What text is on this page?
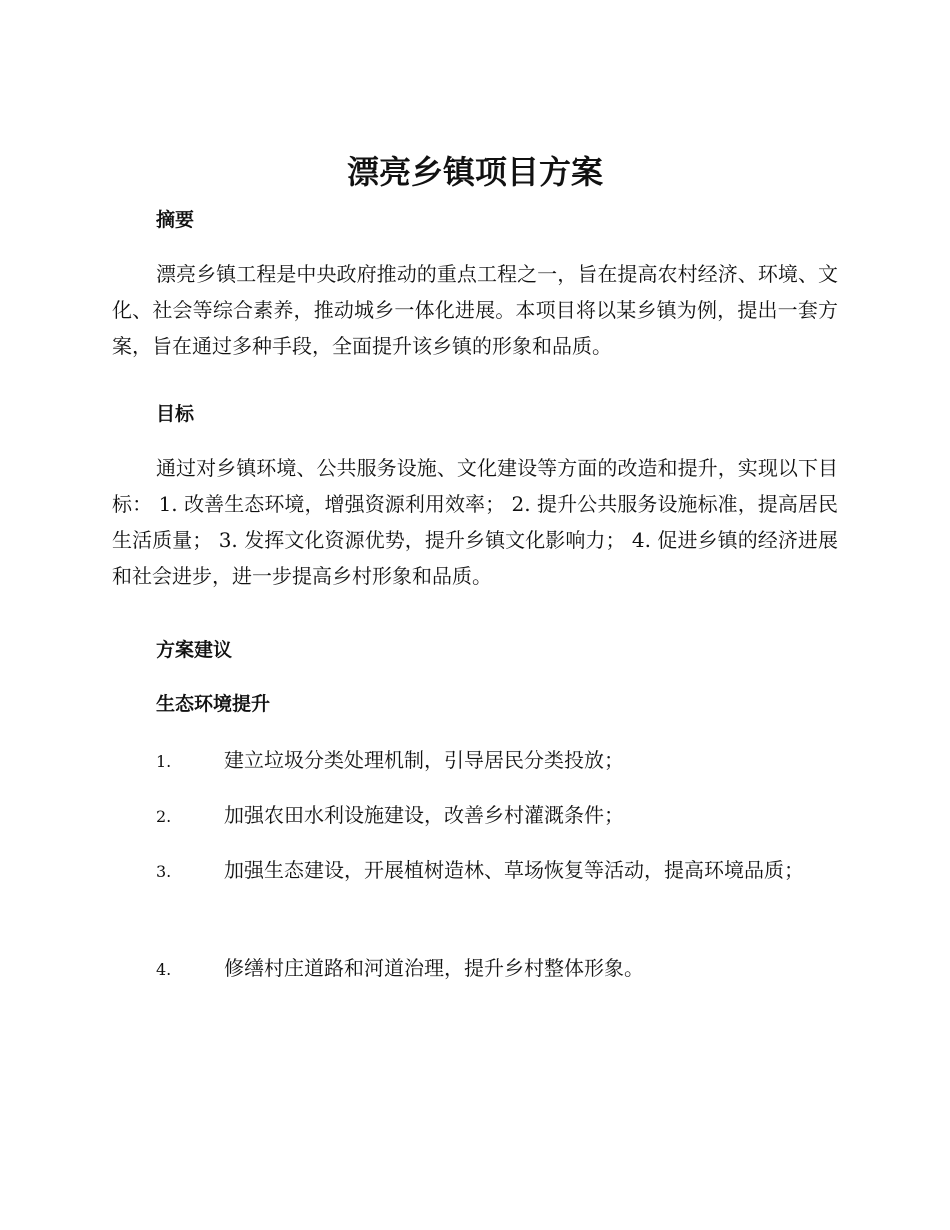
漂亮乡镇项目方案
摘要

漂亮乡镇工程是中央政府推动的重点工程之一，旨在提高农村经济、环境、文化、社会等综合素养，推动城乡一体化进展。本项目将以某乡镇为例，提出一套方案，旨在通过多种手段，全面提升该乡镇的形象和品质。

目标

通过对乡镇环境、公共服务设施、文化建设等方面的改造和提升，实现以下目标： 1. 改善生态环境，增强资源利用效率； 2. 提升公共服务设施标准，提高居民生活质量； 3. 发挥文化资源优势，提升乡镇文化影响力； 4. 促进乡镇的经济进展和社会进步，进一步提高乡村形象和品质。

方案建议
生态环境提升

1.	建立垃圾分类处理机制，引导居民分类投放；

2.	加强农田水利设施建设，改善乡村灌溉条件；

3.	加强生态建设，开展植树造林、草场恢复等活动，提高环境品质；

4.	修缮村庄道路和河道治理，提升乡村整体形象。
